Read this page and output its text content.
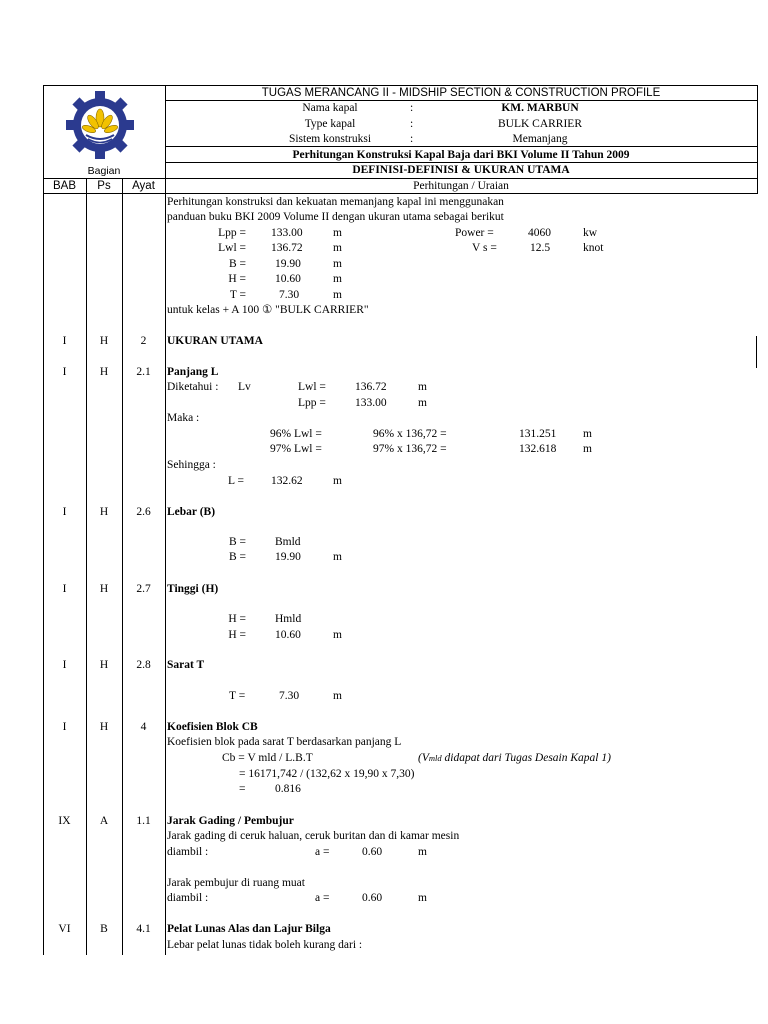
TUGAS MERANCANG II - MIDSHIP SECTION & CONSTRUCTION PROFILE
Nama kapal	:	KM. MARBUN
Type kapal	:	BULK CARRIER
Sistem konstruksi	:	Memanjang
Perhitungan Konstruksi Kapal Baja dari BKI Volume II Tahun 2009
DEFINISI-DEFINISI & UKURAN UTAMA
Bagian
BAB	Ps	Ayat	Perhitungan / Uraian
Perhitungan konstruksi dan kekuatan memanjang kapal ini menggunakan
panduan buku BKI 2009 Volume II dengan ukuran utama sebagai berikut
Lpp = 133.00	m	Power =	4060	kw
Lwl = 136.72	m	V s =	12.5	knot
B =	19.90	m
H =	10.60	m
T =	7.30	m
untuk kelas + A 100 ① "BULK CARRIER"
I	H	2	UKURAN UTAMA
I	H	2.1	Panjang L
Diketahui : Lv	Lwl =	136.72	m
Lpp =	133.00	m
Maka :
96% Lwl =	96% x 136,72 =	131.251 m
97% Lwl =	97% x 136,72 =	132.618 m
Sehingga :
L = 132.62	m
I	H	2.6	Lebar (B)
B =	Bmld
B =	19.90	m
I	H	2.7	Tinggi (H)
H =	Hmld
H =	10.60	m
I	H	2.8	Sarat T
T =	7.30	m
I	H	4	Koefisien Blok CB
Koefisien blok pada sarat T berdasarkan panjang L
Cb = V mld / L.B.T	(Vmld didapat dari Tugas Desain Kapal 1)
= 16171,742 / (132,62 x 19,90 x 7,30)
=	0.816
IX	A	1.1	Jarak Gading / Pembujur
Jarak gading di ceruk haluan, ceruk buritan dan di kamar mesin
diambil :	a =	0.60	m
Jarak pembujur di ruang muat
diambil :	a =	0.60	m
VI	B	4.1	Pelat Lunas Alas dan Lajur Bilga
Lebar pelat lunas tidak boleh kurang dari :
